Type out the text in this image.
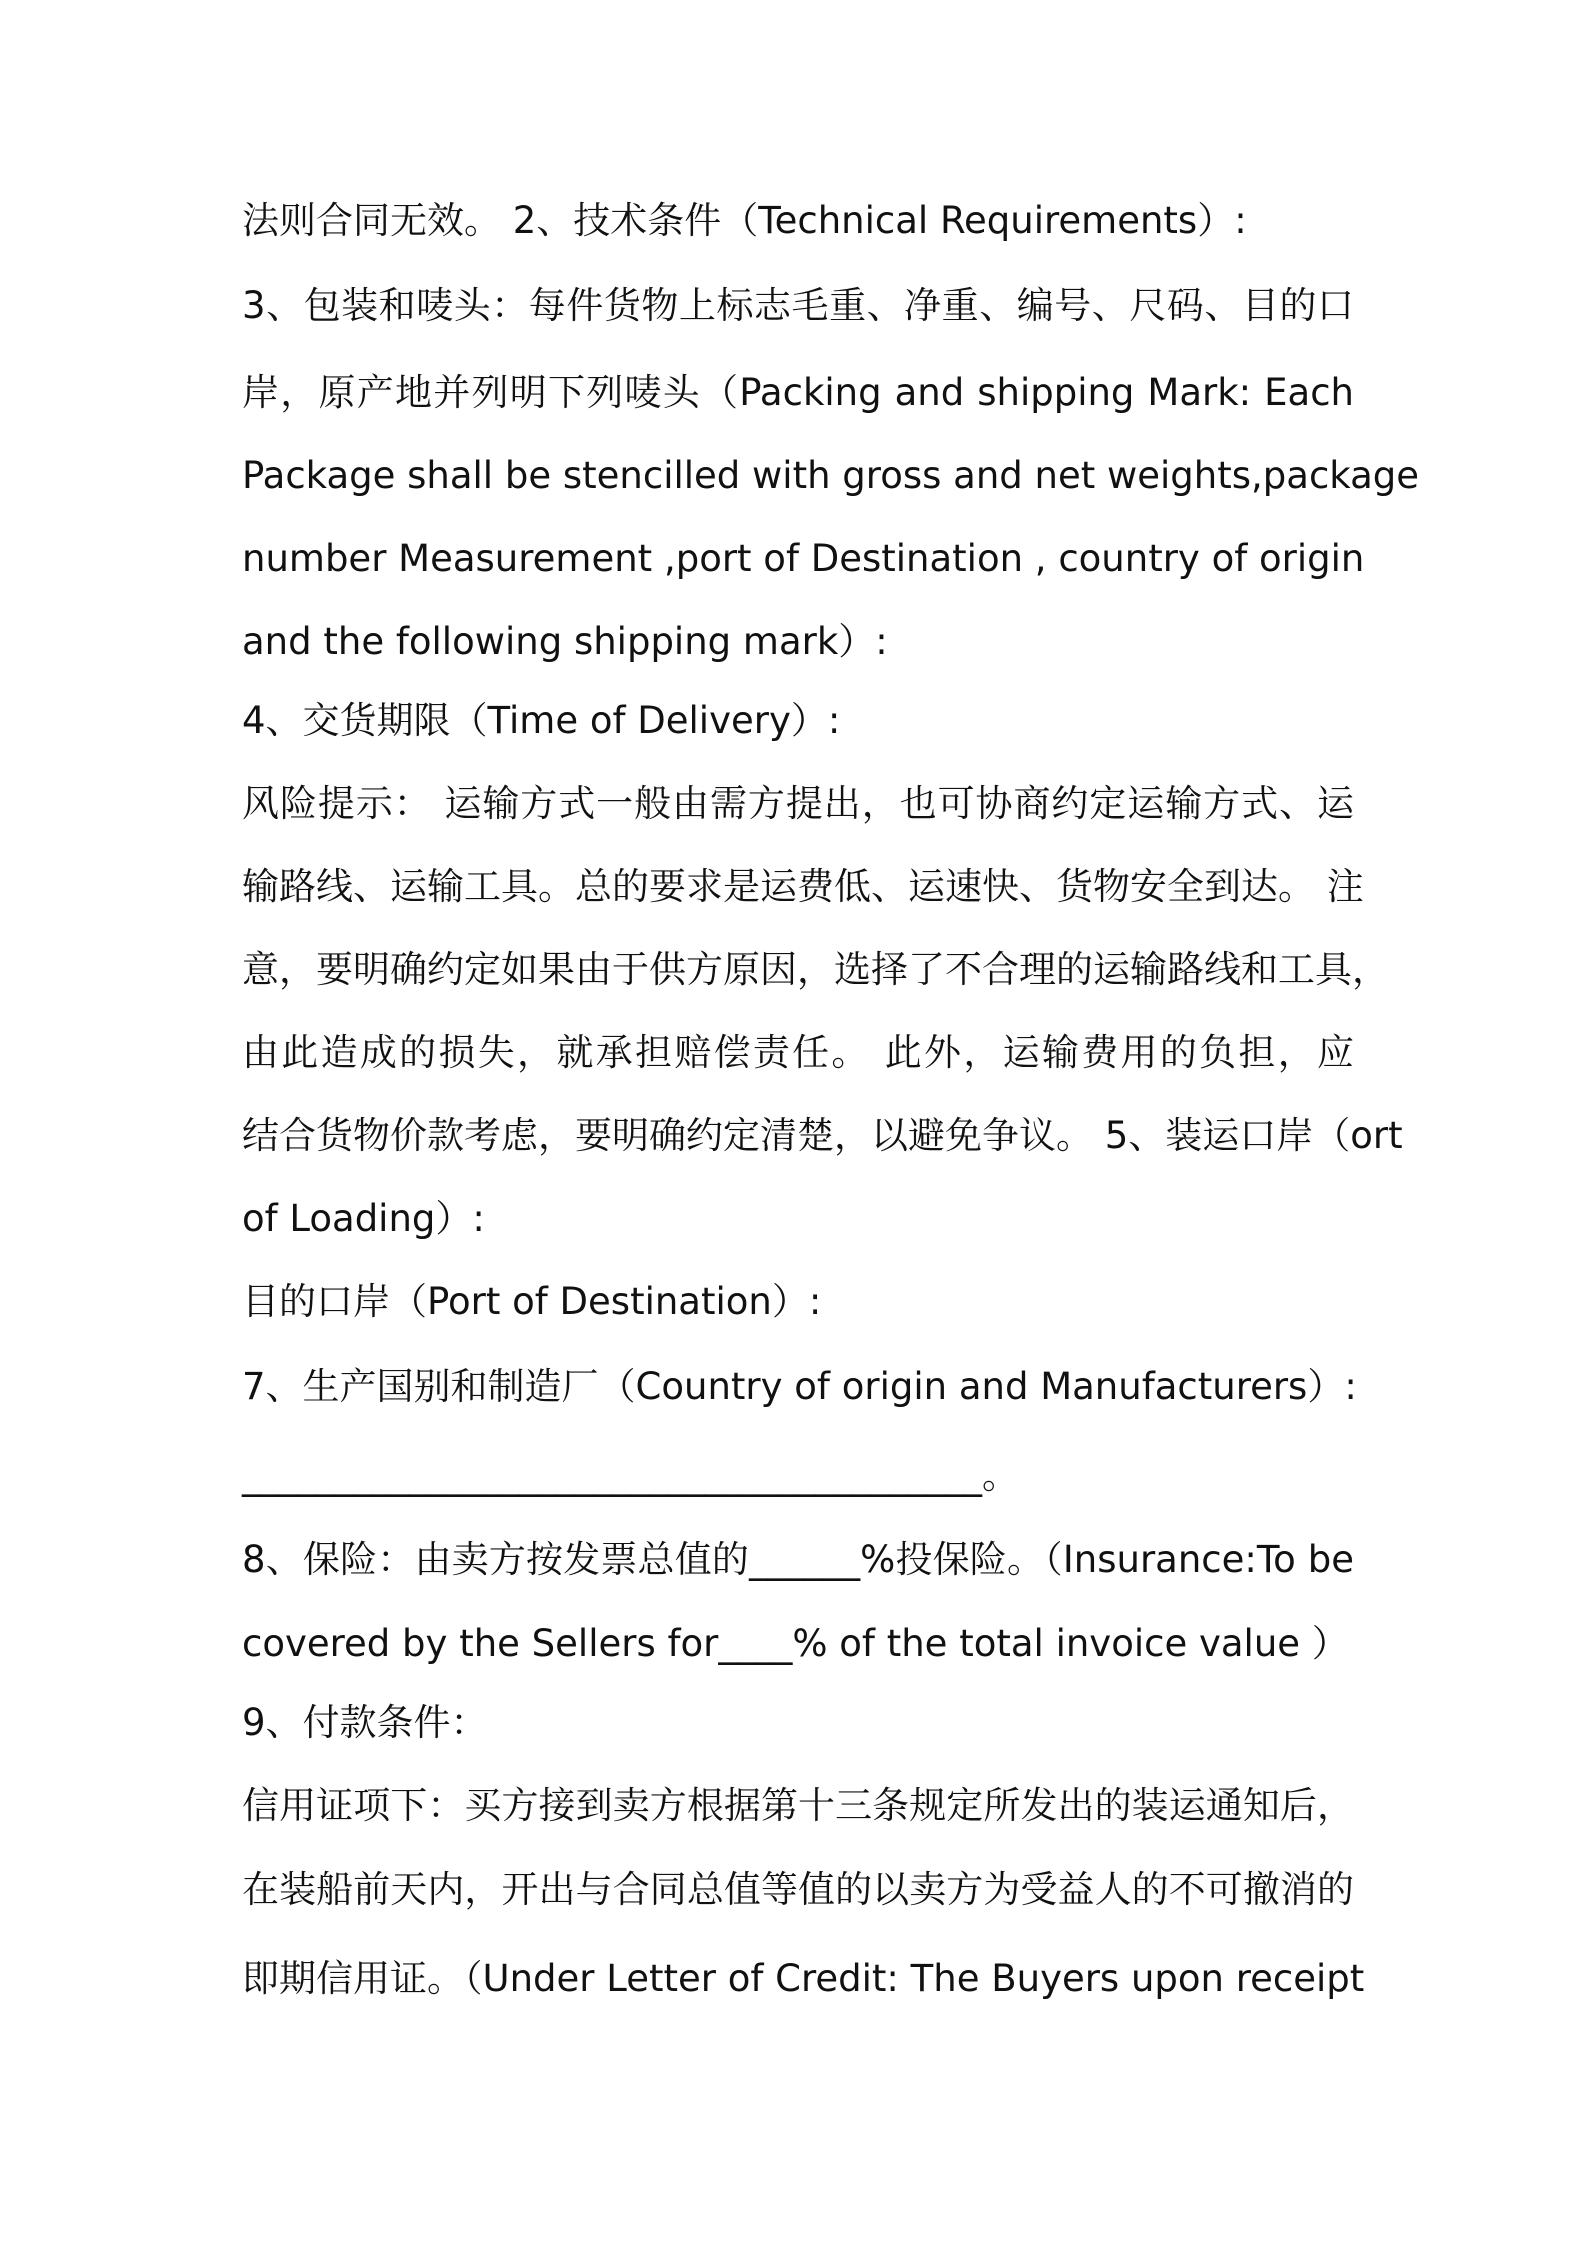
法则合同无效。 2、技术条件（Technical Requirements）:
3、包装和唛头：每件货物上标志毛重、净重、编号、尺码、目的口
岸，原产地并列明下列唛头（Packing and shipping Mark: Each
Package shall be stencilled with gross and net weights,package
number Measurement ,port of Destination , country of origin
and the following shipping mark）:
4、交货期限（Time of Delivery）:
风险提示： 运输方式一般由需方提出，也可协商约定运输方式、运
输路线、运输工具。总的要求是运费低、运速快、货物安全到达。 注
意，要明确约定如果由于供方原因，选择了不合理的运输路线和工具，
由此造成的损失，就承担赔偿责任。 此外，运输费用的负担，应
结合货物价款考虑，要明确约定清楚，以避免争议。 5、装运口岸（ort
of Loading）:
目的口岸（Port of Destination）:
7、生产国别和制造厂（Country of origin and Manufacturers）:
________________________________________。
8、保险：由卖方按发票总值的______%投保险。（Insurance:To be
covered by the Sellers for____% of the total invoice value ）
9、付款条件：
信用证项下：买方接到卖方根据第十三条规定所发出的装运通知后，
在装船前天内，开出与合同总值等值的以卖方为受益人的不可撤消的
即期信用证。（Under Letter of Credit: The Buyers upon receipt
